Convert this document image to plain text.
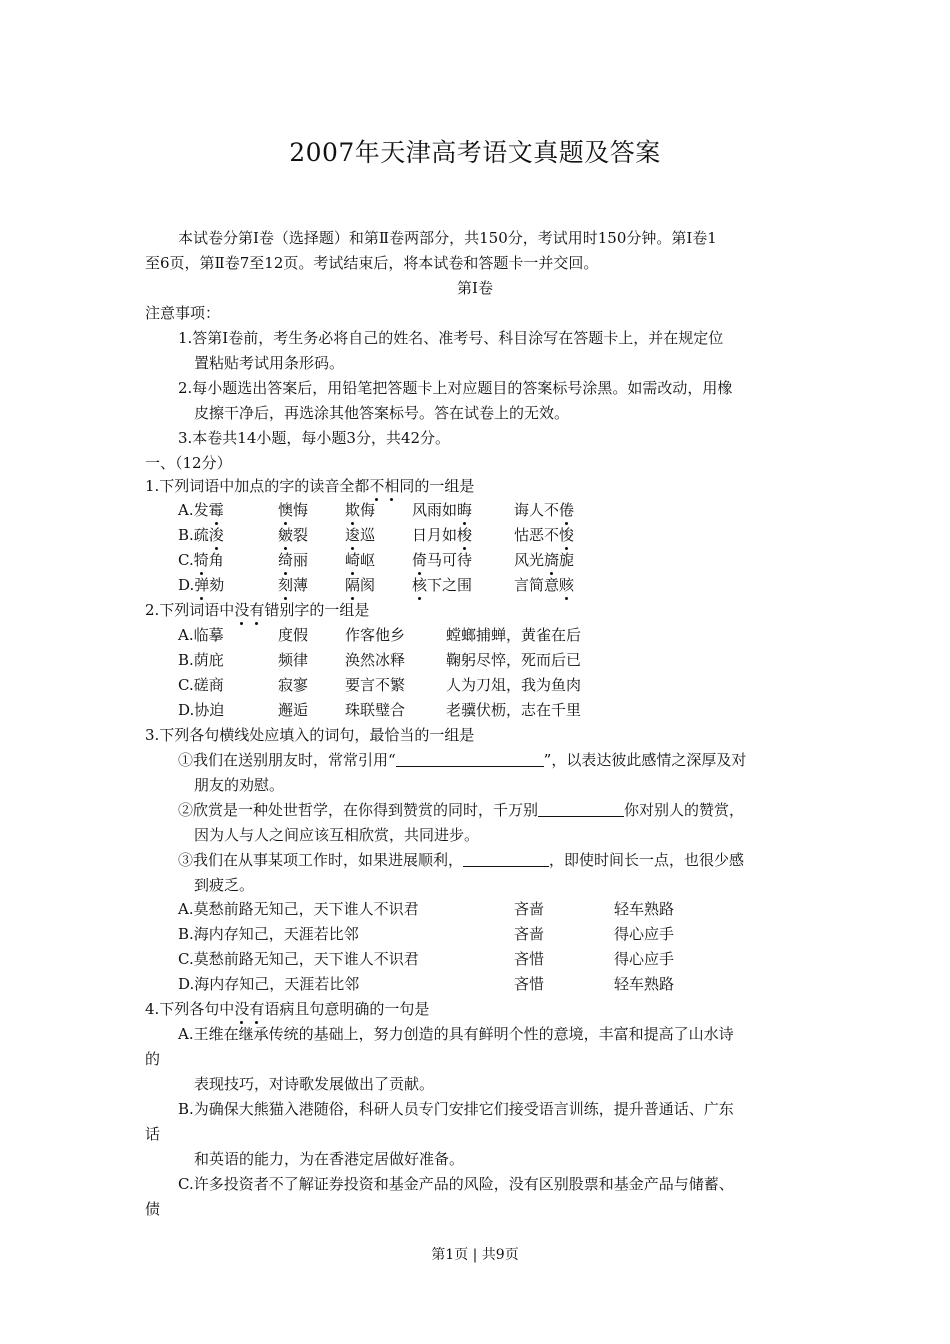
2007年天津高考语文真题及答案
本试卷分第Ⅰ卷（选择题）和第Ⅱ卷两部分，共150分，考试用时150分钟。第Ⅰ卷1
至6页，第Ⅱ卷7至12页。考试结束后，将本试卷和答题卡一并交回。
第Ⅰ卷
注意事项：
1.答第Ⅰ卷前，考生务必将自己的姓名、准考号、科目涂写在答题卡上，并在规定位
置粘贴考试用条形码。
2.每小题选出答案后，用铅笔把答题卡上对应题目的答案标号涂黑。如需改动，用橡
皮擦干净后，再选涂其他答案标号。答在试卷上的无效。
3.本卷共14小题，每小题3分，共42分。
一、（12分）
1.下列词语中加点的字的读音全都不相同的一组是
A.发霉	懊悔 欺侮 风雨如晦	诲人不倦
B.疏浚	皴裂 逡巡 日月如梭	怙恶不悛
C.犄角	绮丽 崎岖 倚马可待	风光旖旎
D.弹劾	刻薄 隔阂 核下之围	言简意赅
2.下列词语中没有错别字的一组是
A.临摹	度假 作客他乡	螳螂捕蝉，黄雀在后
B.荫庇	频律 涣然冰释	鞠躬尽悴，死而后已
C.磋商	寂寥 要言不繁	人为刀俎，我为鱼肉
D.协迫	邂逅 珠联璧合	老骥伏枥，志在千里
3.下列各句横线处应填入的词句，最恰当的一组是
①我们在送别朋友时，常常引用“	”，以表达彼此感情之深厚及对
朋友的劝慰。
②欣赏是一种处世哲学，在你得到赞赏的同时，千万别	你对别人的赞赏，
因为人与人之间应该互相欣赏，共同进步。
③我们在从事某项工作时，如果进展顺利，	，即使时间长一点，也很少感
到疲乏。
A.莫愁前路无知己，天下谁人不识君	吝啬	轻车熟路
B.海内存知己，天涯若比邻	吝啬	得心应手
C.莫愁前路无知己，天下谁人不识君	吝惜	得心应手
D.海内存知己，天涯若比邻	吝惜	轻车熟路
4.下列各句中没有语病且句意明确的一句是
A.王维在继承传统的基础上，努力创造的具有鲜明个性的意境，丰富和提高了山水诗
的
表现技巧，对诗歌发展做出了贡献。
B.为确保大熊猫入港随俗，科研人员专门安排它们接受语言训练，提升普通话、广东
话
和英语的能力，为在香港定居做好准备。
C.许多投资者不了解证券投资和基金产品的风险，没有区别股票和基金产品与储蓄、
债
第1页 | 共9页
